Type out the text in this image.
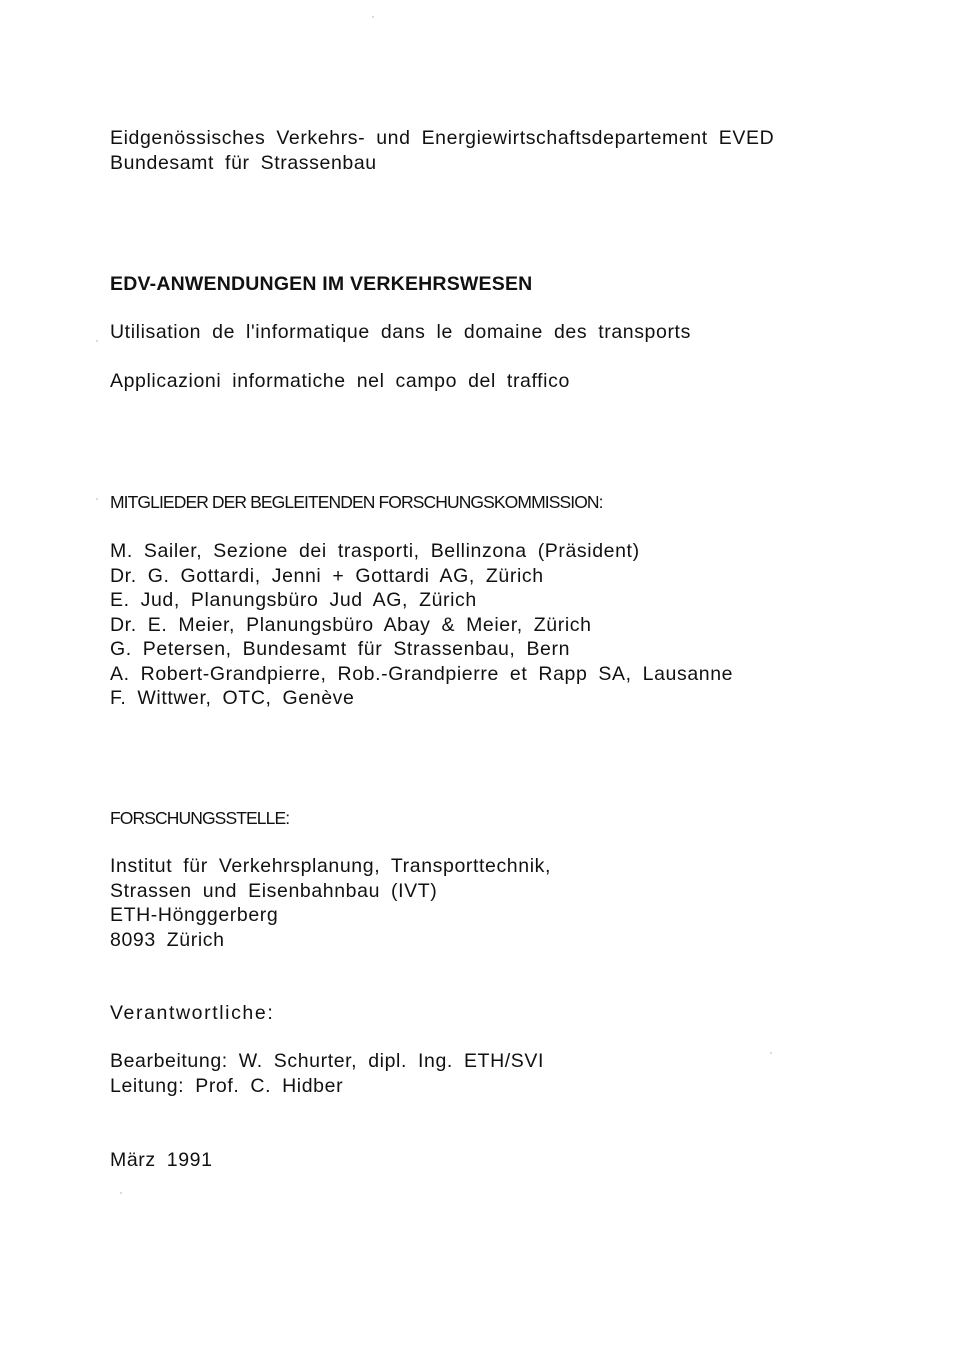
Eidgenössisches Verkehrs- und Energiewirtschaftsdepartement EVED
Bundesamt für Strassenbau
EDV-ANWENDUNGEN IM VERKEHRSWESEN
Utilisation de l'informatique dans le domaine des transports
Applicazioni informatiche nel campo del traffico
MITGLIEDER DER BEGLEITENDEN FORSCHUNGSKOMMISSION:
M. Sailer, Sezione dei trasporti, Bellinzona (Präsident)
Dr. G. Gottardi, Jenni + Gottardi AG, Zürich
E. Jud, Planungsbüro Jud AG, Zürich
Dr. E. Meier, Planungsbüro Abay & Meier, Zürich
G. Petersen, Bundesamt für Strassenbau, Bern
A. Robert-Grandpierre, Rob.-Grandpierre et Rapp SA, Lausanne
F. Wittwer, OTC, Genève
FORSCHUNGSSTELLE:
Institut für Verkehrsplanung, Transporttechnik,
Strassen und Eisenbahnbau (IVT)
ETH-Hönggerberg
8093 Zürich
Verantwortliche:
Bearbeitung: W. Schurter, dipl. Ing. ETH/SVI
Leitung: Prof. C. Hidber
März 1991
